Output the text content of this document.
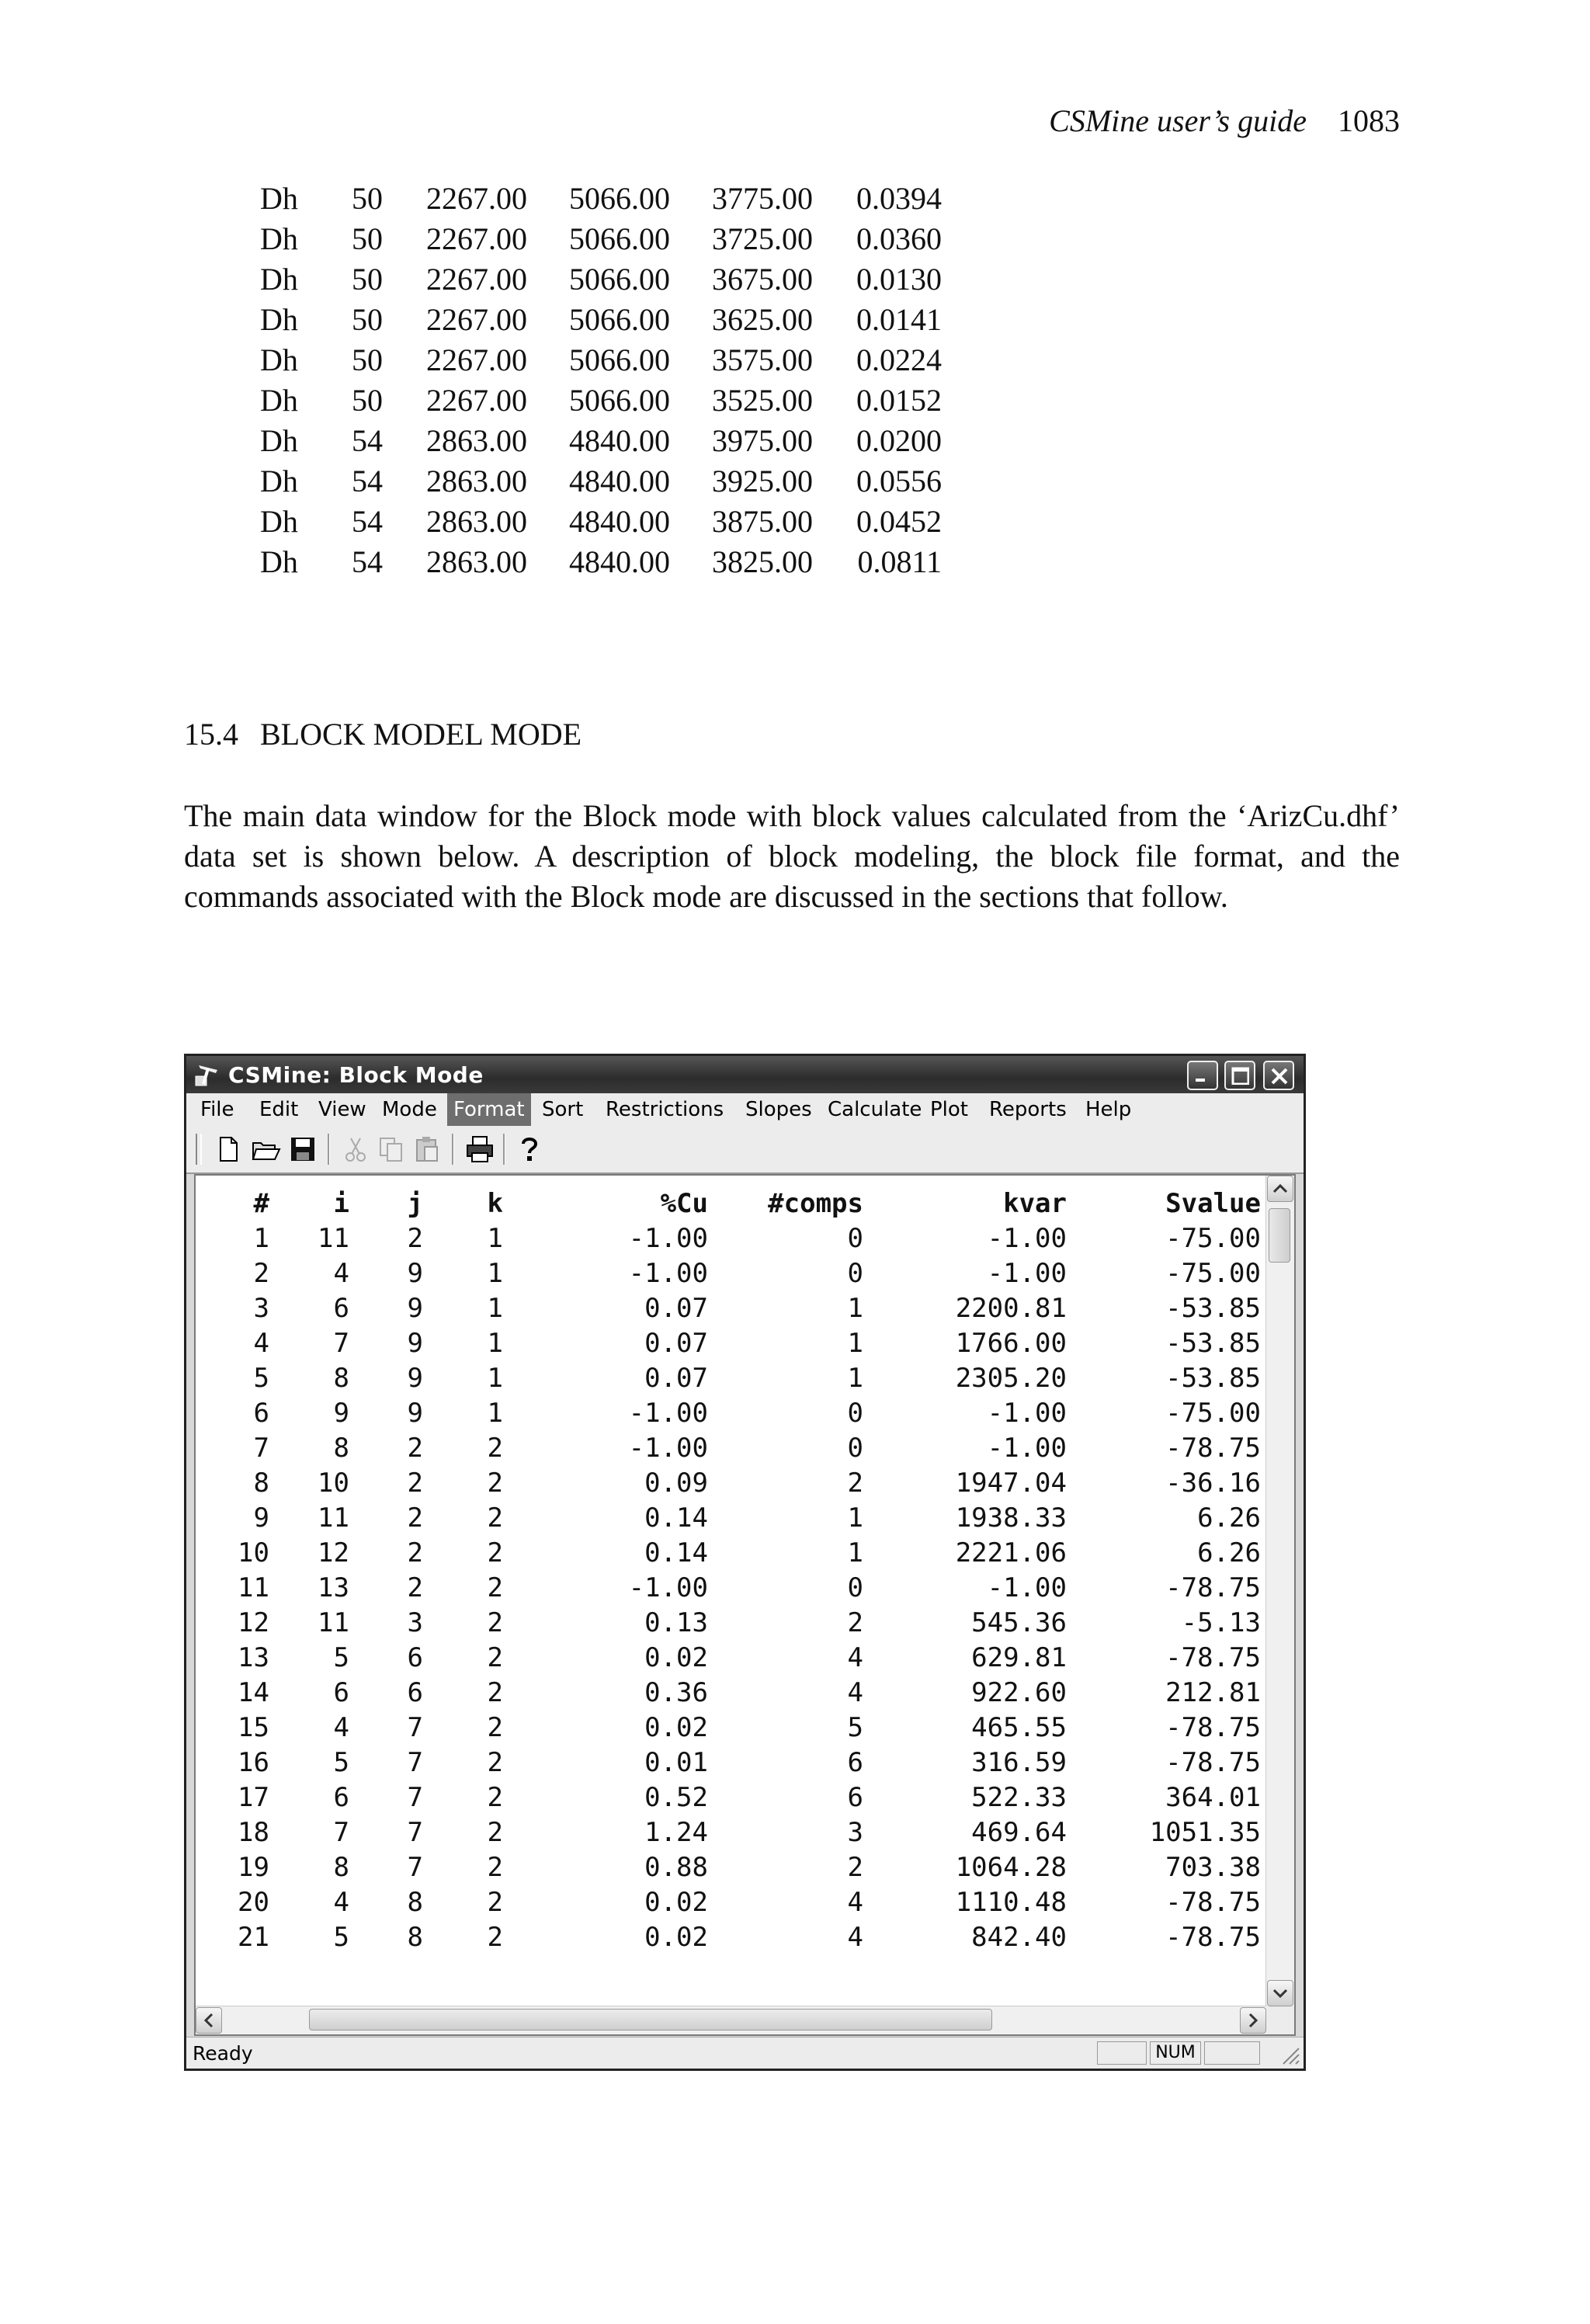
CSMine user’s guide 1083
Dh	50	2267.00	5066.00	3775.00	0.0394
Dh	50	2267.00	5066.00	3725.00	0.0360
Dh	50	2267.00	5066.00	3675.00	0.0130
Dh	50	2267.00	5066.00	3625.00	0.0141
Dh	50	2267.00	5066.00	3575.00	0.0224
Dh	50	2267.00	5066.00	3525.00	0.0152
Dh	54	2863.00	4840.00	3975.00	0.0200
Dh	54	2863.00	4840.00	3925.00	0.0556
Dh	54	2863.00	4840.00	3875.00	0.0452
Dh	54	2863.00	4840.00	3825.00	0.0811
15.4 BLOCK MODEL MODE

The main data window for the Block mode with block values calculated from the ‘ArizCu.dhf’ data set is shown below. A description of block modeling, the block file format, and the commands associated with the Block mode are discussed in the sections that follow.

CSMine: Block Mode
File	Edit View Mode Format Sort	Restrictions	Slopes Calculate Plot	Reports Help
#	i	j	k	%Cu	#comps	kvar	Svalue
1	11	2	1	-1.00	0	-1.00	-75.00
2	4	9	1	-1.00	0	-1.00	-75.00
3	6	9	1	0.07	1	2200.81	-53.85
4	7	9	1	0.07	1	1766.00	-53.85
5	8	9	1	0.07	1	2305.20	-53.85
6	9	9	1	-1.00	0	-1.00	-75.00
7	8	2	2	-1.00	0	-1.00	-78.75
8	10	2	2	0.09	2	1947.04	-36.16
9	11	2	2	0.14	1	1938.33	6.26
10	12	2	2	0.14	1	2221.06	6.26
11	13	2	2	-1.00	0	-1.00	-78.75
12	11	3	2	0.13	2	545.36	-5.13
13	5	6	2	0.02	4	629.81	-78.75
14	6	6	2	0.36	4	922.60	212.81
15	4	7	2	0.02	5	465.55	-78.75
16	5	7	2	0.01	6	316.59	-78.75
17	6	7	2	0.52	6	522.33	364.01
18	7	7	2	1.24	3	469.64	1051.35
19	8	7	2	0.88	2	1064.28	703.38
20	4	8	2	0.02	4	1110.48	-78.75
21	5	8	2	0.02	4	842.40	-78.75
Ready	NUM
